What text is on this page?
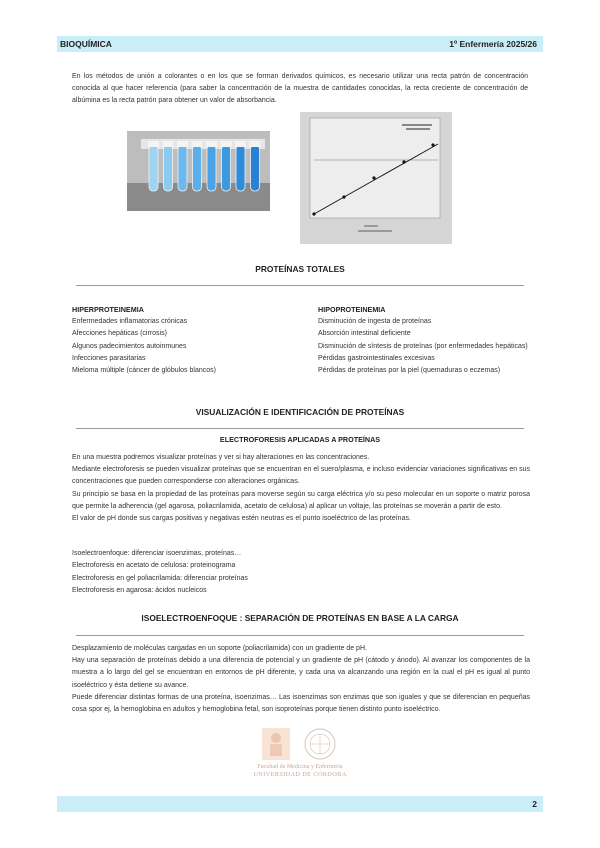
BIOQUÍMICA	1º Enfermería 2025/26
En los métodos de unión a colorantes o en los que se forman derivados químicos, es necesario utilizar una recta patrón de concentración conocida al que hacer referencia (para saber la concentración de la muestra de cantidades conocidas, la recta creciente de concentración de albúmina es la recta patrón para obtener un valor de absorbancia.
PROTEÍNAS TOTALES
HIPERPROTEINEMIA
Enfermedades inflamatorias crónicas
Afecciones hepáticas (cirrosis)
Algunos padecimientos autoinmunes
Infecciones parasitarias
Mieloma múltiple (cáncer de glóbulos blancos)
HIPOPROTEINEMIA
Disminución de ingesta de proteínas
Absorción intestinal deficiente
Disminución de síntesis de proteínas (por enfermedades hepáticas)
Pérdidas gastrointestinales excesivas
Pérdidas de proteínas por la piel (quemaduras o eczemas)
VISUALIZACIÓN E IDENTIFICACIÓN DE PROTEÍNAS
ELECTROFORESIS APLICADAS A PROTEÍNAS
En una muestra podremos visualizar proteínas y ver si hay alteraciones en las concentraciones.
Mediante electroforesis se pueden visualizar proteínas que se encuentran en el suero/plasma, e incluso evidenciar variaciones significativas en sus concentraciones que pueden corresponderse con alteraciones orgánicas.
Su principio se basa en la propiedad de las proteínas para moverse según su carga eléctrica y/o su peso molecular en un soporte o matriz porosa que permite la adherencia (gel agarosa, poliacrilamida, acetato de celulosa) al aplicar un voltaje, las proteínas se moverán a partir de esto.
El valor de pH donde sus cargas positivas y negativas estén neutras es el punto isoeléctrico de las proteínas.
Isoelectroenfoque: diferenciar isoenzimas, proteínas…
Electroforesis en acetato de celulosa: proteinograma
Electroforesis en gel poliacrilamida: diferenciar proteínas
Electroforesis en agarosa: ácidos nucleicos
ISOELECTROENFOQUE : SEPARACIÓN DE PROTEÍNAS EN BASE A LA CARGA
Desplazamiento de moléculas cargadas en un soporte (poliacrilamida) con un gradiente de pH.
Hay una separación de proteínas debido a una diferencia de potencial y un gradiente de pH (cátodo y ánodo). Al avanzar los componentes de la muestra a lo largo del gel se encuentran en entornos de pH diferente, y cada una va alcanzando una región en la cual el pH es igual al punto isoeléctrico y ésta detiene su avance.
Puede diferenciar distintas formas de una proteína, isoenzimas… Las isoenzimas son enzimas que son iguales y que se diferencian en pequeñas cosa spor ej, la hemoglobina en adultos y hemoglobina fetal, son isoproteínas porque tienen distinto punto isoeléctrico.
Facultad de Medicina y Enfermería
UNIVERSIDAD DE CÓRDOBA
2
